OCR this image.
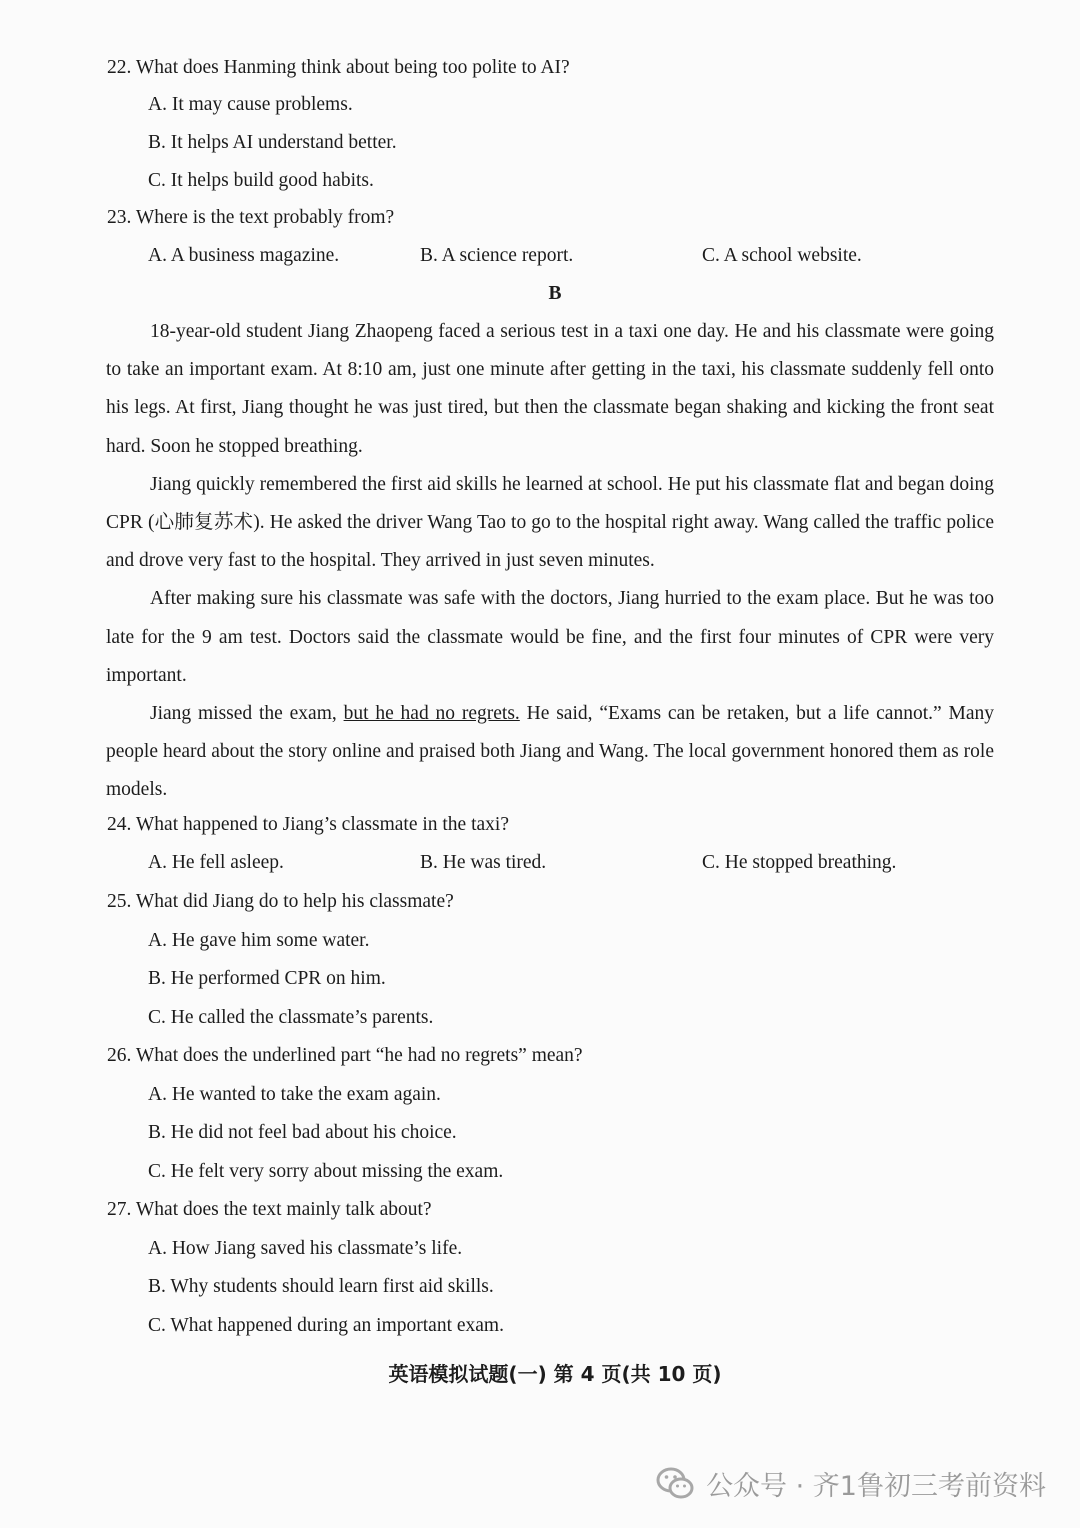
22. What does Hanming think about being too polite to AI?
A. It may cause problems.
B. It helps AI understand better.
C. It helps build good habits.
23. Where is the text probably from?
A. A business magazine.	B. A science report.	C. A school website.
B

18-year-old student Jiang Zhaopeng faced a serious test in a taxi one day. He and his classmate were going to take an important exam. At 8:10 am, just one minute after getting in the taxi, his classmate suddenly fell onto his legs. At first, Jiang thought he was just tired, but then the classmate began shaking and kicking the front seat hard. Soon he stopped breathing.

Jiang quickly remembered the first aid skills he learned at school. He put his classmate flat and began doing CPR (心肺复苏术). He asked the driver Wang Tao to go to the hospital right away. Wang called the traffic police and drove very fast to the hospital. They arrived in just seven minutes.

After making sure his classmate was safe with the doctors, Jiang hurried to the exam place. But he was too late for the 9 am test. Doctors said the classmate would be fine, and the first four minutes of CPR were very important.

Jiang missed the exam, but he had no regrets. He said, “Exams can be retaken, but a life cannot.” Many people heard about the story online and praised both Jiang and Wang. The local government honored them as role models.

24. What happened to Jiang’s classmate in the taxi?
A. He fell asleep.	B. He was tired.	C. He stopped breathing.
25. What did Jiang do to help his classmate?
A. He gave him some water.
B. He performed CPR on him.
C. He called the classmate’s parents.
26. What does the underlined part “he had no regrets” mean?
A. He wanted to take the exam again.
B. He did not feel bad about his choice.
C. He felt very sorry about missing the exam.
27. What does the text mainly talk about?
A. How Jiang saved his classmate’s life.
B. Why students should learn first aid skills.
C. What happened during an important exam.
英语模拟试题(一) 第 4 页(共 10 页)
公众号 · 齐1鲁初三考前资料
